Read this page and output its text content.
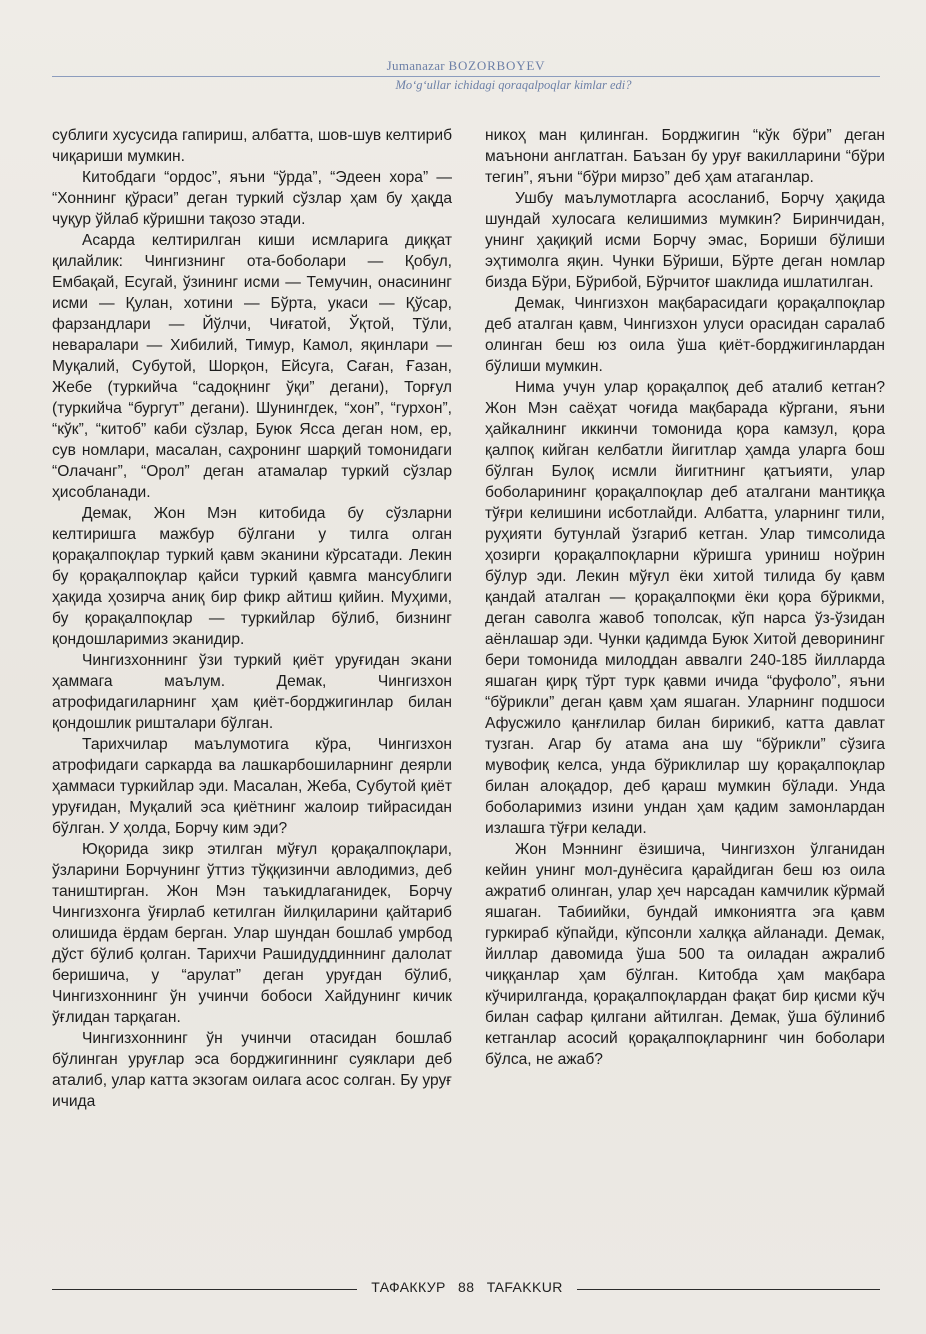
Jumanazar BOZORBOYEV
Mo‘g‘ullar ichidagi qoraqalpoqlar kimlar edi?

сублиги хусусида гапириш, албатта, шов-шув келтириб чиқариши мумкин.

Китобдаги “ордос”, яъни “ўрда”, “Эдеен хора” — “Хоннинг қўраси” деган туркий сўзлар ҳам бу ҳақда чуқур ўйлаб кўришни тақозо этади.

Асарда келтирилган киши исмларига диққат қилайлик: Чингизнинг ота-боболари — Қобул, Ембақай, Есугай, ўзининг исми — Темучин, онасининг исми — Қулан, хотини — Бўрта, укаси — Қўсар, фарзандлари — Йўлчи, Чиғатой, Ўқтой, Тўли, невaралари — Хибилий, Тимур, Камол, яқинлари — Муқалий, Субутой, Шорқон, Ейсуга, Саған, Ғазан, Жебе (туркийча “садоқнинг ўқи” дегани), Торғул (туркийча “бургут” дегани). Шунингдек, “хон”, “гурхон”, “кўк”, “китоб” каби сўзлар, Буюк Ясса деган ном, ер, сув номлари, масалан, саҳронинг шарқий томонидаги “Олачанг”, “Орол” деган атамалар туркий сўзлар ҳисобланади.

Демак, Жон Мэн китобида бу сўзларни келтиришга мажбур бўлгани у тилга олган қорақалпоқлар туркий қавм эканини кўрсатади. Лекин бу қорақалпоқлар қайси туркий қавмга мансублиги ҳақида ҳозирча аниқ бир фикр айтиш қийин. Муҳими, бу қорақалпоқлар — туркийлар бўлиб, бизнинг қондошларимиз эканидир.

Чингизхоннинг ўзи туркий қиёт уруғидан экани ҳаммага маълум. Демак, Чингизхон атрофидагиларнинг ҳам қиёт-борджигинлар билан қондошлик ришталари бўлган.

Тарихчилар маълумотига кўра, Чингизхон атрофидаги саркарда ва лашкарбошиларнинг деярли ҳаммаси туркийлар эди. Масалан, Жеба, Субутой қиёт уруғидан, Муқалий эса қиётнинг жалоир тийрасидан бўлган. У ҳолда, Борчу ким эди?

Юқорида зикр этилган мўғул қорақалпоқлари, ўзларини Борчунинг ўттиз тўққизинчи авлодимиз, деб таништирган. Жон Мэн таъкидлаганидек, Борчу Чингизхонга ўғирлаб кетилган йилқиларини қайтариб олишида ёрдам берган. Улар шундан бошлаб умрбод дўст бўлиб қолган. Тарихчи Рашидуддиннинг далолат беришича, у “арулат” деган уруғдан бўлиб, Чингизхоннинг ўн учинчи бобоси Хайдунинг кичик ўғлидан тарқаган.

Чингизхоннинг ўн учинчи отасидан бошлаб бўлинган уруғлар эса борджигиннинг суяклари деб аталиб, улар катта экзогам оилага асос солган. Бу уруғ ичида

никоҳ ман қилинган. Борджигин “кўк бўри” деган маънони англатган. Баъзан бу уруғ вакилларини “бўри тегин”, яъни “бўри мирзо” деб ҳам атаганлар.

Ушбу маълумотларга асосланиб, Борчу ҳақида шундай хулосага келишимиз мумкин? Биринчидан, унинг ҳақиқий исми Борчу эмас, Бориши бўлиши эҳтимолга яқин. Чунки Бўриши, Бўрте деган номлар бизда Бўри, Бўрибой, Бўрчитоғ шаклида ишлатилган.

Демак, Чингизхон мақбарасидаги қорақалпоқлар деб аталган қавм, Чингизхон улуси орасидан саралаб олинган беш юз оила ўша қиёт-борджигинлардан бўлиши мумкин.

Нима учун улар қорақалпоқ деб аталиб кетган? Жон Мэн саёҳат чоғида мақбарада кўргани, яъни ҳайкалнинг иккинчи томонида қора камзул, қора қалпоқ кийган келбатли йигитлар ҳамда уларга бош бўлган Булоқ исмли йигитнинг қатъияти, улар боболарининг қорақалпоқлар деб аталгани мантиққа тўғри келишини исботлайди. Албатта, уларнинг тили, руҳияти бутунлай ўзгариб кетган. Улар тимсолида ҳозирги қорақалпоқларни кўришга уриниш ноўрин бўлур эди. Лекин мўғул ёки хитой тилида бу қавм қандай аталган — қорақалпоқми ёки қора бўрикми, деган саволга жавоб тополсак, кўп нарса ўз-ўзидан аёнлашар эди. Чунки қадимда Буюк Хитой деворининг бери томонида милоддан аввалги 240-185 йилларда яшаган қирқ тўрт турк қавми ичида “фуфоло”, яъни “бўрикли” деган қавм ҳам яшаган. Уларнинг подшоси Афусжило қанғлилар билан бирикиб, катта давлат тузган. Агар бу атама ана шу “бўрикли” сўзига мувофиқ келса, унда бўриклилар шу қорақалпоқлар билан алоқадор, деб қараш мумкин бўлади. Унда боболаримиз изини ундан ҳам қадим замонлардан излашга тўғри келади.

Жон Мэннинг ёзишича, Чингизхон ўлганидан кейин унинг мол-дунёсига қарайдиган беш юз оила ажратиб олинган, улар ҳеч нарсадан камчилик кўрмай яшаган. Табиийки, бундай имкониятга эга қавм гуркираб кўпайди, кўпсонли халққа айланади. Демак, йиллар давомида ўша 500 та оиладан ажралиб чиққанлар ҳам бўлган. Китобда ҳам мақбара кўчирилганда, қорақалпоқлардан фақат бир қисми кўч билан сафар қилгани айтилган. Демак, ўша бўлиниб кетганлар асосий қорақалпоқларнинг чин боболари бўлса, не ажаб?

ТАФАККУР 88 TAFAKKUR
